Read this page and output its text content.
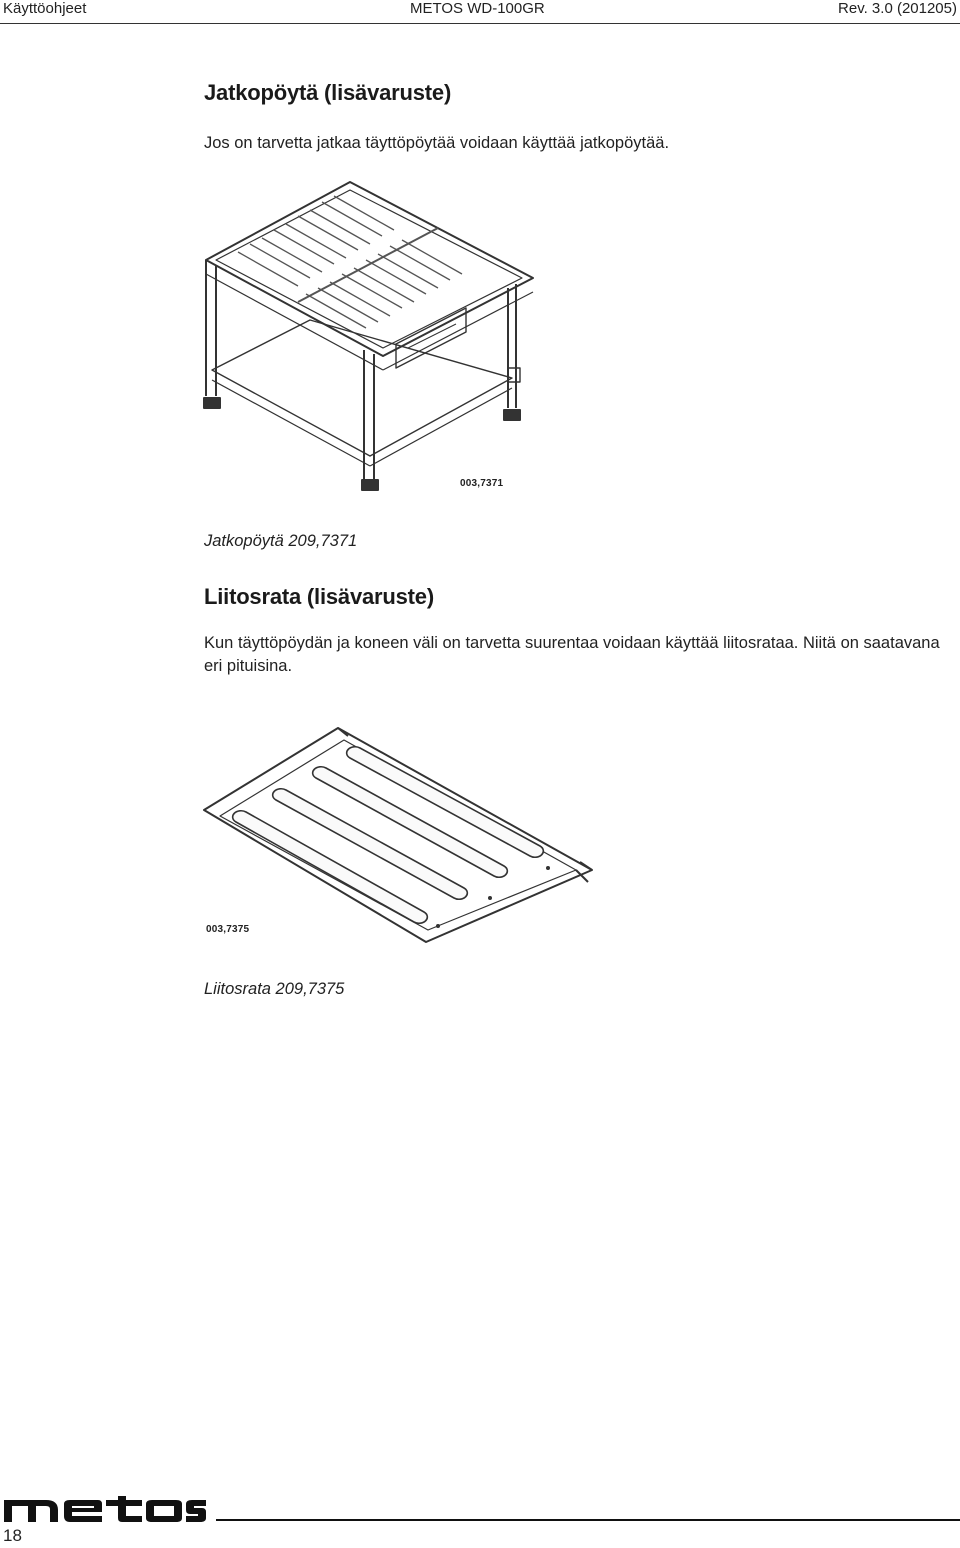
Käyttöohjeet	METOS WD-100GR	Rev. 3.0 (201205)
Jatkopöytä (lisävaruste)
Jos on tarvetta jatkaa täyttöpöytää voidaan käyttää jatkopöytää.
003,7371
Jatkopöytä 209,7371
Liitosrata (lisävaruste)
Kun täyttöpöydän ja koneen väli on tarvetta suurentaa voidaan käyttää liitosrataa. Niitä on saatavana eri pituisina.
003,7375
Liitosrata 209,7375
18
